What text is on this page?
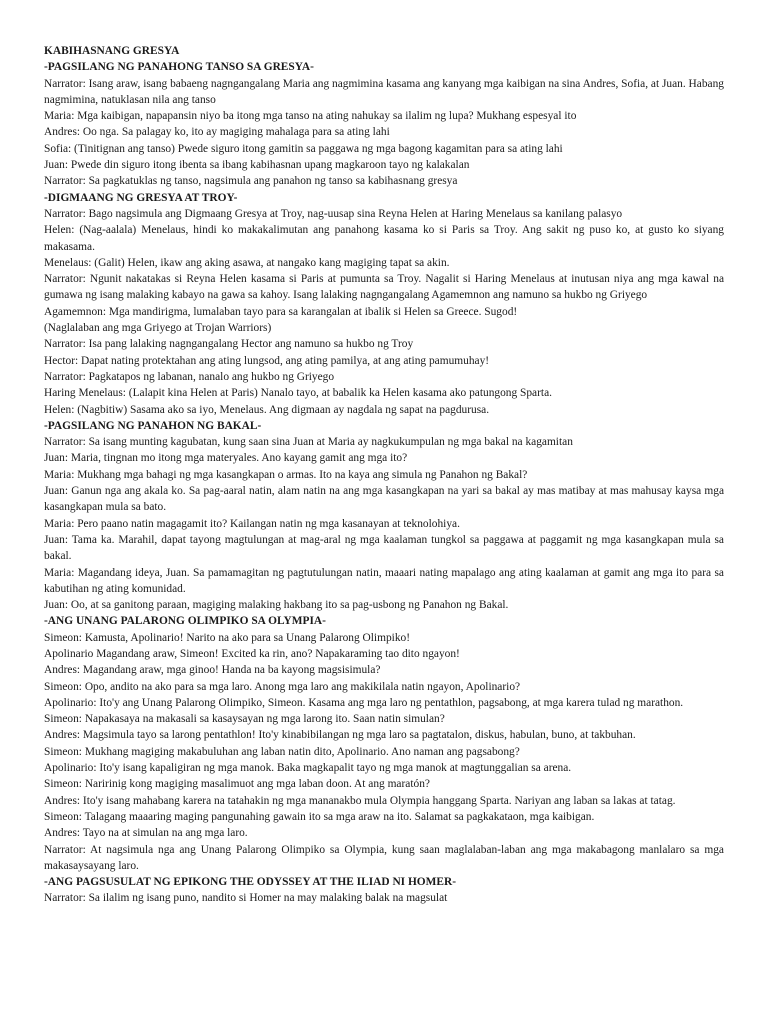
KABIHASNANG GRESYA

-PAGSILANG NG PANAHONG TANSO SA GRESYA-

Narrator: Isang araw, isang babaeng nagngangalang Maria ang nagmimina kasama ang kanyang mga kaibigan na sina Andres, Sofia, at Juan. Habang nagmimina, natuklasan nila ang tanso

Maria: Mga kaibigan, napapansin niyo ba itong mga tanso na ating nahukay sa ilalim ng lupa? Mukhang espesyal ito

Andres: Oo nga. Sa palagay ko, ito ay magiging mahalaga para sa ating lahi

Sofia: (Tinitignan ang tanso) Pwede siguro itong gamitin sa paggawa ng mga bagong kagamitan para sa ating lahi

Juan: Pwede din siguro itong ibenta sa ibang kabihasnan upang magkaroon tayo ng kalakalan

Narrator: Sa pagkatuklas ng tanso, nagsimula ang panahon ng tanso sa kabihasnang gresya

-DIGMAANG NG GRESYA AT TROY-

Narrator: Bago nagsimula ang Digmaang Gresya at Troy, nag-uusap sina Reyna Helen at Haring Menelaus sa kanilang palasyo

Helen: (Nag-aalala) Menelaus, hindi ko makakalimutan ang panahong kasama ko si Paris sa Troy. Ang sakit ng puso ko, at gusto ko siyang makasama.

Menelaus: (Galit) Helen, ikaw ang aking asawa, at nangako kang magiging tapat sa akin.

Narrator: Ngunit nakatakas si Reyna Helen kasama si Paris at pumunta sa Troy. Nagalit si Haring Menelaus at inutusan niya ang mga kawal na gumawa ng isang malaking kabayo na gawa sa kahoy. Isang lalaking nagngangalang Agamemnon ang namuno sa hukbo ng Griyego

Agamemnon: Mga mandirigma, lumalaban tayo para sa karangalan at ibalik si Helen sa Greece. Sugod!

(Naglalaban ang mga Griyego at Trojan Warriors)

Narrator: Isa pang lalaking nagngangalang Hector ang namuno sa hukbo ng Troy

Hector: Dapat nating protektahan ang ating lungsod, ang ating pamilya, at ang ating pamumuhay!

Narrator: Pagkatapos ng labanan, nanalo ang hukbo ng Griyego

Haring Menelaus: (Lalapit kina Helen at Paris) Nanalo tayo, at babalik ka Helen kasama ako patungong Sparta.

Helen: (Nagbitiw) Sasama ako sa iyo, Menelaus. Ang digmaan ay nagdala ng sapat na pagdurusa.

-PAGSILANG NG PANAHON NG BAKAL-

Narrator: Sa isang munting kagubatan, kung saan sina Juan at Maria ay nagkukumpulan ng mga bakal na kagamitan

Juan: Maria, tingnan mo itong mga materyales. Ano kayang gamit ang mga ito?

Maria: Mukhang mga bahagi ng mga kasangkapan o armas. Ito na kaya ang simula ng Panahon ng Bakal?

Juan: Ganun nga ang akala ko. Sa pag-aaral natin, alam natin na ang mga kasangkapan na yari sa bakal ay mas matibay at mas mahusay kaysa mga kasangkapan mula sa bato.

Maria: Pero paano natin magagamit ito? Kailangan natin ng mga kasanayan at teknolohiya.

Juan: Tama ka. Marahil, dapat tayong magtulungan at mag-aral ng mga kaalaman tungkol sa paggawa at paggamit ng mga kasangkapan mula sa bakal.

Maria: Magandang ideya, Juan. Sa pamamagitan ng pagtutulungan natin, maaari nating mapalago ang ating kaalaman at gamit ang mga ito para sa kabutihan ng ating komunidad.

Juan: Oo, at sa ganitong paraan, magiging malaking hakbang ito sa pag-usbong ng Panahon ng Bakal.

-ANG UNANG PALARONG OLIMPIKO SA OLYMPIA-

Simeon: Kamusta, Apolinario! Narito na ako para sa Unang Palarong Olimpiko!

Apolinario Magandang araw, Simeon! Excited ka rin, ano? Napakaraming tao dito ngayon!

Andres: Magandang araw, mga ginoo! Handa na ba kayong magsisimula?

Simeon: Opo, andito na ako para sa mga laro. Anong mga laro ang makikilala natin ngayon, Apolinario?

Apolinario: Ito'y ang Unang Palarong Olimpiko, Simeon. Kasama ang mga laro ng pentathlon, pagsabong, at mga karera tulad ng marathon.

Simeon: Napakasaya na makasali sa kasaysayan ng mga larong ito. Saan natin simulan?

Andres: Magsimula tayo sa larong pentathlon! Ito'y kinabibilangan ng mga laro sa pagtatalon, diskus, habulan, buno, at takbuhan.

Simeon: Mukhang magiging makabuluhan ang laban natin dito, Apolinario. Ano naman ang pagsabong?

Apolinario: Ito'y isang kapaligiran ng mga manok. Baka magkapalit tayo ng mga manok at magtunggalian sa arena.

Simeon: Naririnig kong magiging masalimuot ang mga laban doon. At ang maratón?

Andres: Ito'y isang mahabang karera na tatahakin ng mga mananakbo mula Olympia hanggang Sparta. Nariyan ang laban sa lakas at tatag.

Simeon: Talagang maaaring maging pangunahing gawain ito sa mga araw na ito. Salamat sa pagkakataon, mga kaibigan.

Andres: Tayo na at simulan na ang mga laro.

Narrator: At nagsimula nga ang Unang Palarong Olimpiko sa Olympia, kung saan maglalaban-laban ang mga makabagong manlalaro sa mga makasaysayang laro.

-ANG PAGSUSULAT NG EPIKONG THE ODYSSEY AT THE ILIAD NI HOMER-

Narrator: Sa ilalim ng isang puno, nandito si Homer na may malaking balak na magsulat
